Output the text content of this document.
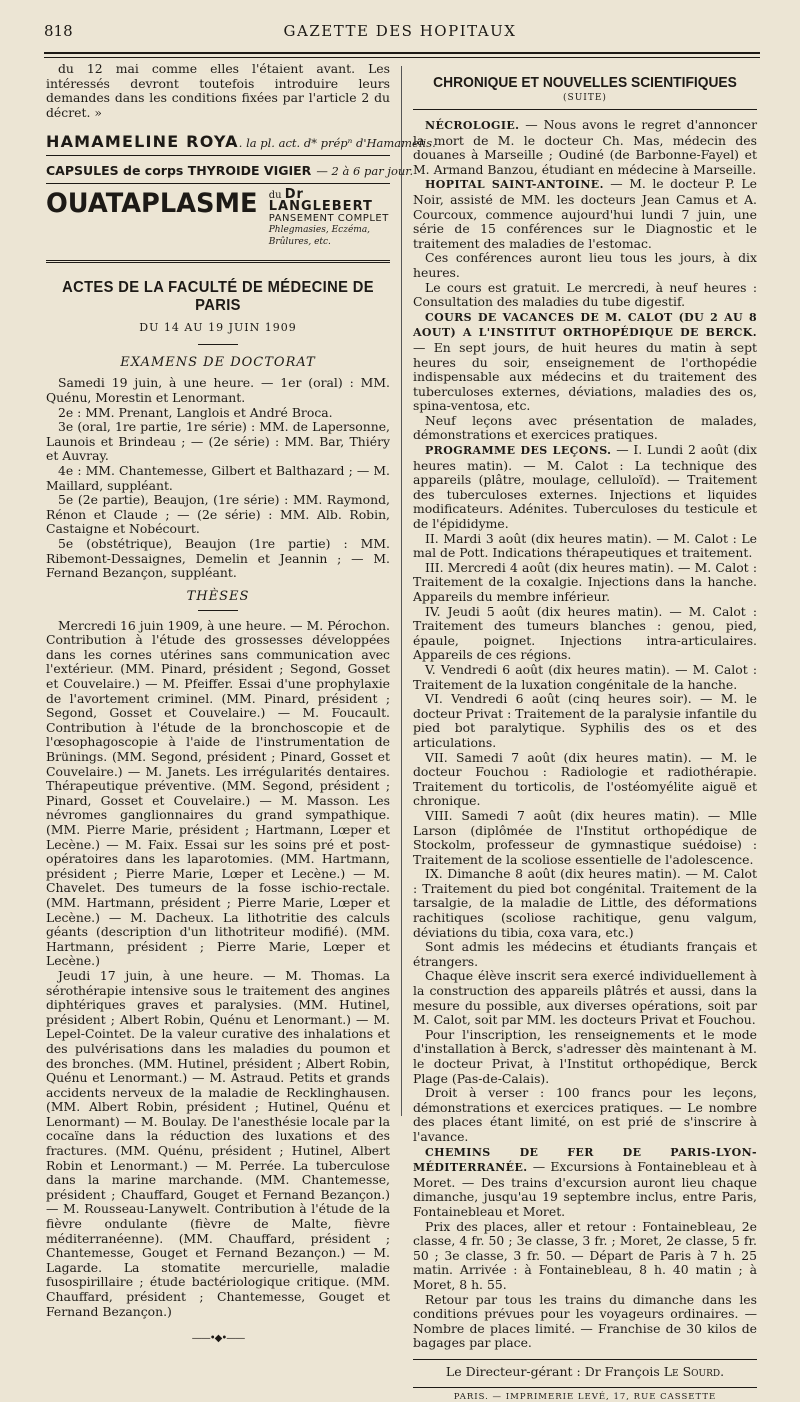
818	GAZETTE DES HOPITAUX

du 12 mai comme elles l'étaient avant. Les intéressés devront toutefois introduire leurs demandes dans les conditions fixées par l'article 2 du décret. »

HAMAMELINE ROYA. la pl. act. d* prépⁿ d'Hamamelis.
CAPSULES de corps THYROIDE VIGIER — 2 à 6 par jour.
OUATAPLASME du Dr LANGLEBERT
PANSEMENT COMPLET
Phlegmasies, Eczéma, Brûlures, etc.
ACTES DE LA FACULTÉ DE MÉDECINE DE PARIS
DU 14 AU 19 JUIN 1909
EXAMENS DE DOCTORAT

Samedi 19 juin, à une heure. — 1er (oral) : MM. Quénu, Morestin et Lenormant.

2e : MM. Prenant, Langlois et André Broca.

3e (oral, 1re partie, 1re série) : MM. de Lapersonne, Launois et Brindeau ; — (2e série) : MM. Bar, Thiéry et Auvray.

4e : MM. Chantemesse, Gilbert et Balthazard ; — M. Maillard, suppléant.

5e (2e partie), Beaujon, (1re série) : MM. Raymond, Rénon et Claude ; — (2e série) : MM. Alb. Robin, Castaigne et Nobécourt.

5e (obstétrique), Beaujon (1re partie) : MM. Ribemont-Dessaignes, Demelin et Jeannin ; — M. Fernand Bezançon, suppléant.

THÈSES

Mercredi 16 juin 1909, à une heure. — M. Pérochon. Contribution à l'étude des grossesses développées dans les cornes utérines sans communication avec l'extérieur. (MM. Pinard, président ; Segond, Gosset et Couvelaire.) — M. Pfeiffer. Essai d'une prophylaxie de l'avortement criminel. (MM. Pinard, président ; Segond, Gosset et Couvelaire.) — M. Foucault. Contribution à l'étude de la bronchoscopie et de l'œsophagoscopie à l'aide de l'instrumentation de Brünings. (MM. Segond, président ; Pinard, Gosset et Couvelaire.) — M. Janets. Les irrégularités dentaires. Thérapeutique préventive. (MM. Segond, président ; Pinard, Gosset et Couvelaire.) — M. Masson. Les névromes ganglionnaires du grand sympathique. (MM. Pierre Marie, président ; Hartmann, Lœper et Lecène.) — M. Faix. Essai sur les soins pré et post-opératoires dans les laparotomies. (MM. Hartmann, président ; Pierre Marie, Lœper et Lecène.) — M. Chavelet. Des tumeurs de la fosse ischio-rectale. (MM. Hartmann, président ; Pierre Marie, Lœper et Lecène.) — M. Dacheux. La lithotritie des calculs géants (description d'un lithotriteur modifié). (MM. Hartmann, président ; Pierre Marie, Lœper et Lecène.)

Jeudi 17 juin, à une heure. — M. Thomas. La sérothérapie intensive sous le traitement des angines diphtériques graves et paralysies. (MM. Hutinel, président ; Albert Robin, Quénu et Lenormant.) — M. Lepel-Cointet. De la valeur curative des inhalations et des pulvérisations dans les maladies du poumon et des bronches. (MM. Hutinel, président ; Albert Robin, Quénu et Lenormant.) — M. Astraud. Petits et grands accidents nerveux de la maladie de Recklinghausen. (MM. Albert Robin, président ; Hutinel, Quénu et Lenormant) — M. Boulay. De l'anesthésie locale par la cocaïne dans la réduction des luxations et des fractures. (MM. Quénu, président ; Hutinel, Albert Robin et Lenormant.) — M. Perrée. La tuberculose dans la marine marchande. (MM. Chantemesse, président ; Chauffard, Gouget et Fernand Bezançon.) — M. Rousseau-Lanywelt. Contribution à l'étude de la fièvre ondulante (fièvre de Malte, fièvre méditerranéenne). (MM. Chauffard, président ; Chantemesse, Gouget et Fernand Bezançon.) — M. Lagarde. La stomatite mercurielle, maladie fusospirillaire ; étude bactériologique critique. (MM. Chauffard, président ; Chantemesse, Gouget et Fernand Bezançon.)

——•◆•——
CHRONIQUE ET NOUVELLES SCIENTIFIQUES
(SUITE)

NÉCROLOGIE. — Nous avons le regret d'annoncer la mort de M. le docteur Ch. Mas, médecin des douanes à Marseille ; Oudiné (de Barbonne-Fayel) et M. Armand Banzou, étudiant en médecine à Marseille.

HOPITAL SAINT-ANTOINE. — M. le docteur P. Le Noir, assisté de MM. les docteurs Jean Camus et A. Courcoux, commence aujourd'hui lundi 7 juin, une série de 15 conférences sur le Diagnostic et le traitement des maladies de l'estomac.

Ces conférences auront lieu tous les jours, à dix heures.

Le cours est gratuit. Le mercredi, à neuf heures : Consultation des maladies du tube digestif.

COURS DE VACANCES DE M. CALOT (DU 2 AU 8 AOUT) A L'INSTITUT ORTHOPÉDIQUE DE BERCK. — En sept jours, de huit heures du matin à sept heures du soir, enseignement de l'orthopédie indispensable aux médecins et du traitement des tuberculoses externes, déviations, maladies des os, spina-ventosa, etc.

Neuf leçons avec présentation de malades, démonstrations et exercices pratiques.

PROGRAMME DES LEÇONS. — I. Lundi 2 août (dix heures matin). — M. Calot : La technique des appareils (plâtre, moulage, celluloïd). — Traitement des tuberculoses externes. Injections et liquides modificateurs. Adénites. Tuberculoses du testicule et de l'épididyme.

II. Mardi 3 août (dix heures matin). — M. Calot : Le mal de Pott. Indications thérapeutiques et traitement.

III. Mercredi 4 août (dix heures matin). — M. Calot : Traitement de la coxalgie. Injections dans la hanche. Appareils du membre inférieur.

IV. Jeudi 5 août (dix heures matin). — M. Calot : Traitement des tumeurs blanches : genou, pied, épaule, poignet. Injections intra-articulaires. Appareils de ces régions.

V. Vendredi 6 août (dix heures matin). — M. Calot : Traitement de la luxation congénitale de la hanche.

VI. Vendredi 6 août (cinq heures soir). — M. le docteur Privat : Traitement de la paralysie infantile du pied bot paralytique. Syphilis des os et des articulations.

VII. Samedi 7 août (dix heures matin). — M. le docteur Fouchou : Radiologie et radiothérapie. Traitement du torticolis, de l'ostéomyélite aiguë et chronique.

VIII. Samedi 7 août (dix heures matin). — Mlle Larson (diplômée de l'Institut orthopédique de Stockolm, professeur de gymnastique suédoise) : Traitement de la scoliose essentielle de l'adolescence.

IX. Dimanche 8 août (dix heures matin). — M. Calot : Traitement du pied bot congénital. Traitement de la tarsalgie, de la maladie de Little, des déformations rachitiques (scoliose rachitique, genu valgum, déviations du tibia, coxa vara, etc.)

Sont admis les médecins et étudiants français et étrangers.

Chaque élève inscrit sera exercé individuellement à la construction des appareils plâtrés et aussi, dans la mesure du possible, aux diverses opérations, soit par M. Calot, soit par MM. les docteurs Privat et Fouchou.

Pour l'inscription, les renseignements et le mode d'installation à Berck, s'adresser dès maintenant à M. le docteur Privat, à l'Institut orthopédique, Berck Plage (Pas-de-Calais).

Droit à verser : 100 francs pour les leçons, démonstrations et exercices pratiques. — Le nombre des places étant limité, on est prié de s'inscrire à l'avance.

CHEMINS DE FER DE PARIS-LYON-MÉDITERRANÉE. — Excursions à Fontainebleau et à Moret. — Des trains d'excursion auront lieu chaque dimanche, jusqu'au 19 septembre inclus, entre Paris, Fontainebleau et Moret.

Prix des places, aller et retour : Fontainebleau, 2e classe, 4 fr. 50 ; 3e classe, 3 fr. ; Moret, 2e classe, 5 fr. 50 ; 3e classe, 3 fr. 50. — Départ de Paris à 7 h. 25 matin. Arrivée : à Fontainebleau, 8 h. 40 matin ; à Moret, 8 h. 55.

Retour par tous les trains du dimanche dans les conditions prévues pour les voyageurs ordinaires. — Nombre de places limité. — Franchise de 30 kilos de bagages par place.

Le Directeur-gérant : Dr François Le Sourd.
PARIS. — IMPRIMERIE LEVÉ, 17, RUE CASSETTE
